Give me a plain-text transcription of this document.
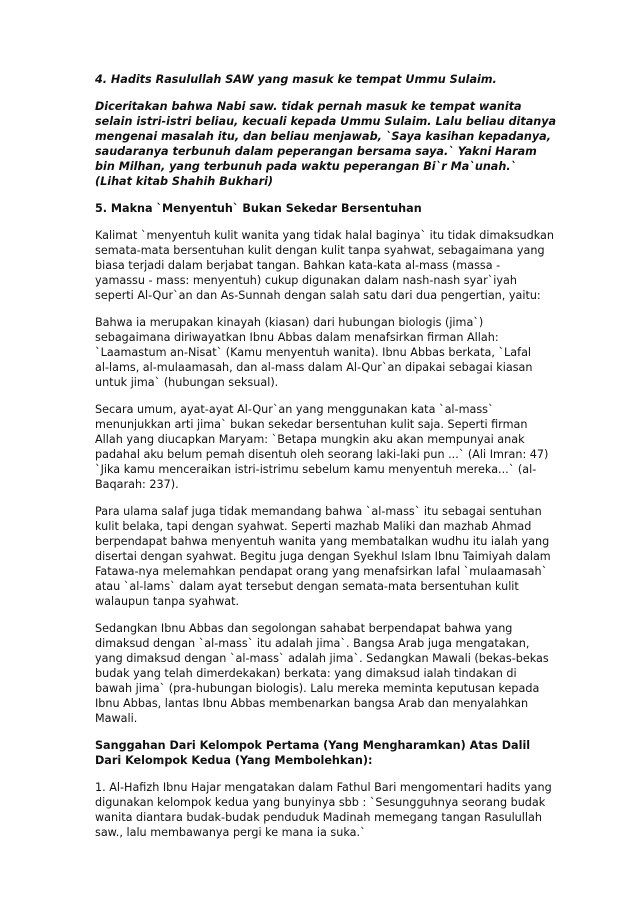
4. Hadits Rasulullah SAW yang masuk ke tempat Ummu Sulaim.
Diceritakan bahwa Nabi saw. tidak pernah masuk ke tempat wanita
selain istri-istri beliau, kecuali kepada Ummu Sulaim. Lalu beliau ditanya
mengenai masalah itu, dan beliau menjawab, `Saya kasihan kepadanya,
saudaranya terbunuh dalam peperangan bersama saya.` Yakni Haram
bin Milhan, yang terbunuh pada waktu peperangan Bi`r Ma`unah.`
(Lihat kitab Shahih Bukhari)
5. Makna `Menyentuh` Bukan Sekedar Bersentuhan
Kalimat `menyentuh kulit wanita yang tidak halal baginya` itu tidak dimaksudkan
semata-mata bersentuhan kulit dengan kulit tanpa syahwat, sebagaimana yang
biasa terjadi dalam berjabat tangan. Bahkan kata-kata al-mass (massa -
yamassu - mass: menyentuh) cukup digunakan dalam nash-nash syar`iyah
seperti Al-Qur`an dan As-Sunnah dengan salah satu dari dua pengertian, yaitu:
Bahwa ia merupakan kinayah (kiasan) dari hubungan biologis (jima`)
sebagaimana diriwayatkan Ibnu Abbas dalam menafsirkan firman Allah:
`Laamastum an-Nisat` (Kamu menyentuh wanita). Ibnu Abbas berkata, `Lafal
al-lams, al-mulaamasah, dan al-mass dalam Al-Qur`an dipakai sebagai kiasan
untuk jima` (hubungan seksual).
Secara umum, ayat-ayat Al-Qur`an yang menggunakan kata `al-mass`
menunjukkan arti jima` bukan sekedar bersentuhan kulit saja. Seperti firman
Allah yang diucapkan Maryam: `Betapa mungkin aku akan mempunyai anak
padahal aku belum pemah disentuh oleh seorang laki-laki pun ...` (Ali Imran: 47)
`Jika kamu menceraikan istri-istrimu sebelum kamu menyentuh mereka...` (al-
Baqarah: 237).
Para ulama salaf juga tidak memandang bahwa `al-mass` itu sebagai sentuhan
kulit belaka, tapi dengan syahwat. Seperti mazhab Maliki dan mazhab Ahmad
berpendapat bahwa menyentuh wanita yang membatalkan wudhu itu ialah yang
disertai dengan syahwat. Begitu juga dengan Syekhul Islam Ibnu Taimiyah dalam
Fatawa-nya melemahkan pendapat orang yang menafsirkan lafal `mulaamasah`
atau `al-lams` dalam ayat tersebut dengan semata-mata bersentuhan kulit
walaupun tanpa syahwat.
Sedangkan Ibnu Abbas dan segolongan sahabat berpendapat bahwa yang
dimaksud dengan `al-mass` itu adalah jima`. Bangsa Arab juga mengatakan,
yang dimaksud dengan `al-mass` adalah jima`. Sedangkan Mawali (bekas-bekas
budak yang telah dimerdekakan) berkata: yang dimaksud ialah tindakan di
bawah jima` (pra-hubungan biologis). Lalu mereka meminta keputusan kepada
Ibnu Abbas, lantas Ibnu Abbas membenarkan bangsa Arab dan menyalahkan
Mawali.
Sanggahan Dari Kelompok Pertama (Yang Mengharamkan) Atas Dalil
Dari Kelompok Kedua (Yang Membolehkan):
1. Al-Hafizh Ibnu Hajar mengatakan dalam Fathul Bari mengomentari hadits yang
digunakan kelompok kedua yang bunyinya sbb : `Sesungguhnya seorang budak
wanita diantara budak-budak penduduk Madinah memegang tangan Rasulullah
saw., lalu membawanya pergi ke mana ia suka.`
